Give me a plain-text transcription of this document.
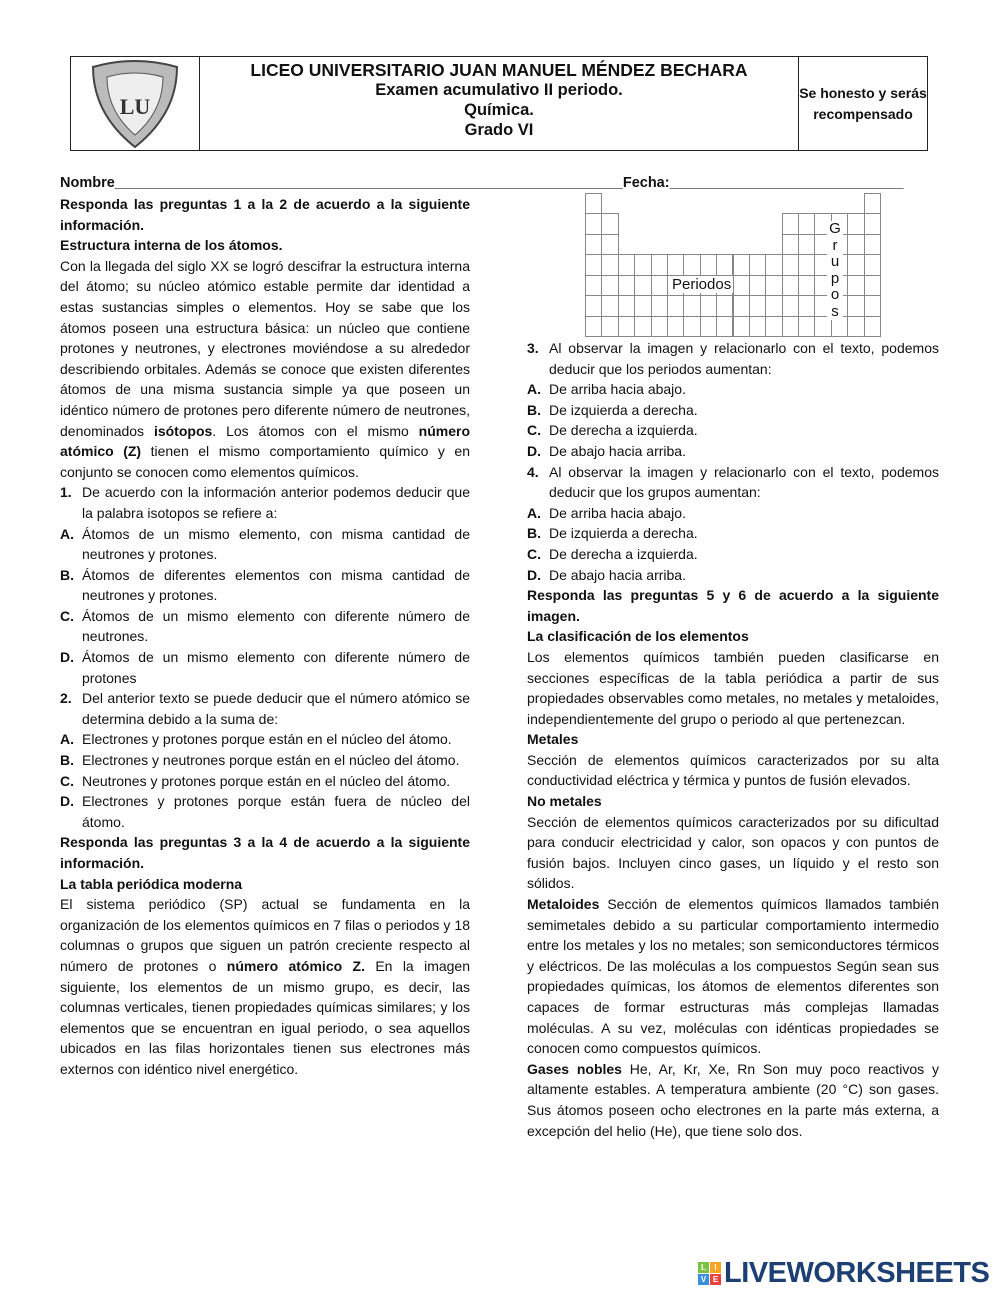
LU
LICEO UNIVERSITARIO JUAN MANUEL MÉNDEZ BECHARA
Examen acumulativo II periodo.
Química.
Grado VI
Se honesto y serás recompensado
Nombre_______________________________________________________________Fecha:_____________________________

Responda las preguntas 1 a la 2 de acuerdo a la siguiente información.

Estructura interna de los átomos.

Con la llegada del siglo XX se logró descifrar la estructura interna del átomo; su núcleo atómico estable permite dar identidad a estas sustancias simples o elementos. Hoy se sabe que los átomos poseen una estructura básica: un núcleo que contiene protones y neutrones, y electrones moviéndose a su alrededor describiendo orbitales. Además se conoce que existen diferentes átomos de una misma sustancia simple ya que poseen un idéntico número de protones pero diferente número de neutrones, denominados isótopos. Los átomos con el mismo número atómico (Z) tienen el mismo comportamiento químico y en conjunto se conocen como elementos químicos.

1. De acuerdo con la información anterior podemos deducir que la palabra isotopos se refiere a:
A. Átomos de un mismo elemento, con misma cantidad de neutrones y protones.
B. Átomos de diferentes elementos con misma cantidad de neutrones y protones.
C. Átomos de un mismo elemento con diferente número de neutrones.
D. Átomos de un mismo elemento con diferente número de protones
2. Del anterior texto se puede deducir que el número atómico se determina debido a la suma de:
A. Electrones y protones porque están en el núcleo del átomo.
B. Electrones y neutrones porque están en el núcleo del átomo.
C. Neutrones y protones porque están en el núcleo del átomo.
D. Electrones y protones porque están fuera de núcleo del átomo.

Responda las preguntas 3 a la 4 de acuerdo a la siguiente información.

La tabla periódica moderna

El sistema periódico (SP) actual se fundamenta en la organización de los elementos químicos en 7 filas o periodos y 18 columnas o grupos que siguen un patrón creciente respecto al número de protones o número atómico Z. En la imagen siguiente, los elementos de un mismo grupo, es decir, las columnas verticales, tienen propiedades químicas similares; y los elementos que se encuentran en igual periodo, o sea aquellos ubicados en las filas horizontales tienen sus electrones más externos con idéntico nivel energético.

Periodos
G
r
u
p
o
s
3. Al observar la imagen y relacionarlo con el texto, podemos deducir que los periodos aumentan:
A. De arriba hacia abajo.
B. De izquierda a derecha.
C. De derecha a izquierda.
D. De abajo hacia arriba.
4. Al observar la imagen y relacionarlo con el texto, podemos deducir que los grupos aumentan:
A. De arriba hacia abajo.
B. De izquierda a derecha.
C. De derecha a izquierda.
D. De abajo hacia arriba.

Responda las preguntas 5 y 6 de acuerdo a la siguiente imagen.

La clasificación de los elementos

Los elementos químicos también pueden clasificarse en secciones específicas de la tabla periódica a partir de sus propiedades observables como metales, no metales y metaloides, independientemente del grupo o periodo al que pertenezcan.

Metales

Sección de elementos químicos caracterizados por su alta conductividad eléctrica y térmica y puntos de fusión elevados.

No metales

Sección de elementos químicos caracterizados por su dificultad para conducir electricidad y calor, son opacos y con puntos de fusión bajos. Incluyen cinco gases, un líquido y el resto son sólidos.

Metaloides Sección de elementos químicos llamados también semimetales debido a su particular comportamiento intermedio entre los metales y los no metales; son semiconductores térmicos y eléctricos. De las moléculas a los compuestos Según sean sus propiedades químicas, los átomos de elementos diferentes son capaces de formar estructuras más complejas llamadas moléculas. A su vez, moléculas con idénticas propiedades se conocen como compuestos químicos.

Gases nobles He, Ar, Kr, Xe, Rn Son muy poco reactivos y altamente estables. A temperatura ambiente (20 °C) son gases. Sus átomos poseen ocho electrones en la parte más externa, a excepción del helio (He), que tiene solo dos.

L	I
V E LIVEWORKSHEETS
